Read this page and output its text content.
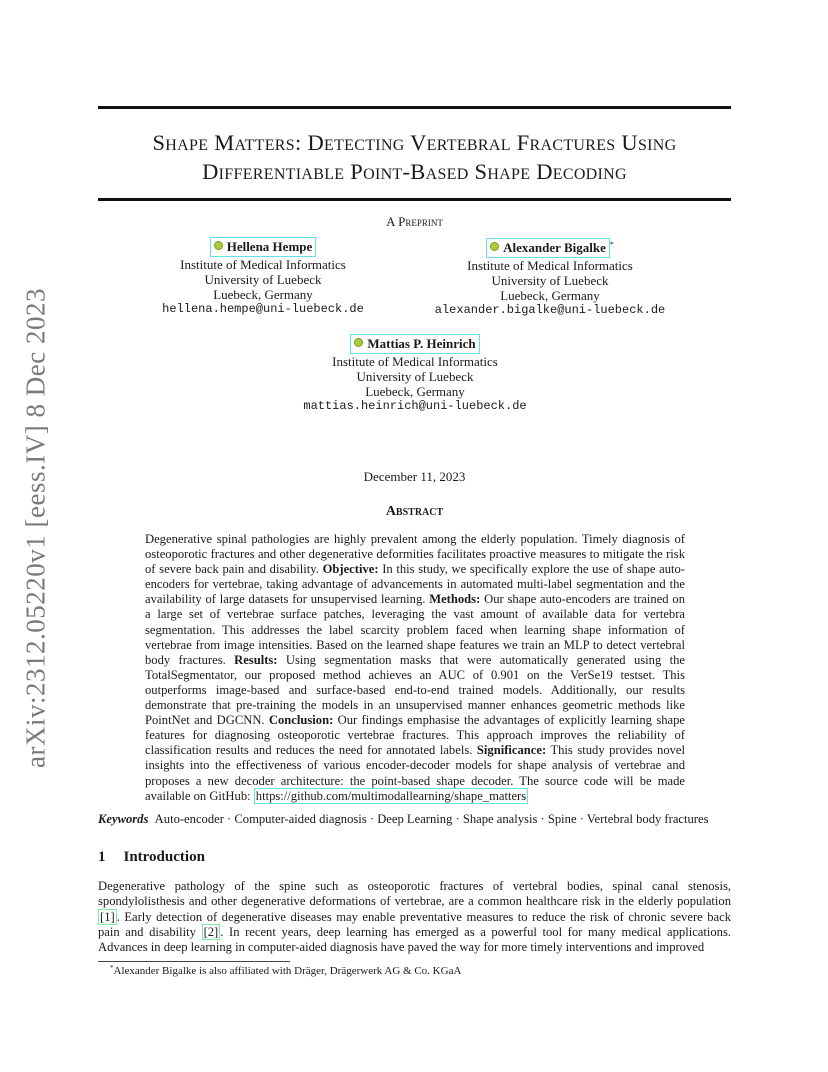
arXiv:2312.05220v1 [eess.IV] 8 Dec 2023
Shape Matters: Detecting Vertebral Fractures Using
Differentiable Point-Based Shape Decoding
A Preprint
Hellena Hempe
Institute of Medical Informatics
University of Luebeck
Luebeck, Germany
hellena.hempe@uni-luebeck.de
Alexander Bigalke *
Institute of Medical Informatics
University of Luebeck
Luebeck, Germany
alexander.bigalke@uni-luebeck.de
Mattias P. Heinrich
Institute of Medical Informatics
University of Luebeck
Luebeck, Germany
mattias.heinrich@uni-luebeck.de
December 11, 2023
Abstract
Degenerative spinal pathologies are highly prevalent among the elderly population. Timely diagnosis of osteoporotic fractures and other degenerative deformities facilitates proactive measures to mitigate the risk of severe back pain and disability. Objective: In this study, we specifically explore the use of shape auto-encoders for vertebrae, taking advantage of advancements in automated multi-label segmentation and the availability of large datasets for unsupervised learning. Methods: Our shape auto-encoders are trained on a large set of vertebrae surface patches, leveraging the vast amount of available data for vertebra segmentation. This addresses the label scarcity problem faced when learning shape information of vertebrae from image intensities. Based on the learned shape features we train an MLP to detect vertebral body fractures. Results: Using segmentation masks that were automatically generated using the TotalSegmentator, our proposed method achieves an AUC of 0.901 on the VerSe19 testset. This outperforms image-based and surface-based end-to-end trained models. Additionally, our results demonstrate that pre-training the models in an unsupervised manner enhances geometric methods like PointNet and DGCNN. Conclusion: Our findings emphasise the advantages of explicitly learning shape features for diagnosing osteoporotic vertebrae fractures. This approach improves the reliability of classification results and reduces the need for annotated labels. Significance: This study provides novel insights into the effectiveness of various encoder-decoder models for shape analysis of vertebrae and proposes a new decoder architecture: the point-based shape decoder. The source code will be made available on GitHub: https://github.com/multimodallearning/shape_matters
Keywords Auto-encoder · Computer-aided diagnosis · Deep Learning · Shape analysis · Spine · Vertebral body fractures
1 Introduction
Degenerative pathology of the spine such as osteoporotic fractures of vertebral bodies, spinal canal stenosis, spondylolisthesis and other degenerative deformations of vertebrae, are a common healthcare risk in the elderly population [1] . Early detection of degenerative diseases may enable preventative measures to reduce the risk of chronic severe back pain and disability [2] . In recent years, deep learning has emerged as a powerful tool for many medical applications. Advances in deep learning in computer-aided diagnosis have paved the way for more timely interventions and improved
*Alexander Bigalke is also affiliated with Dräger, Drägerwerk AG & Co. KGaA
